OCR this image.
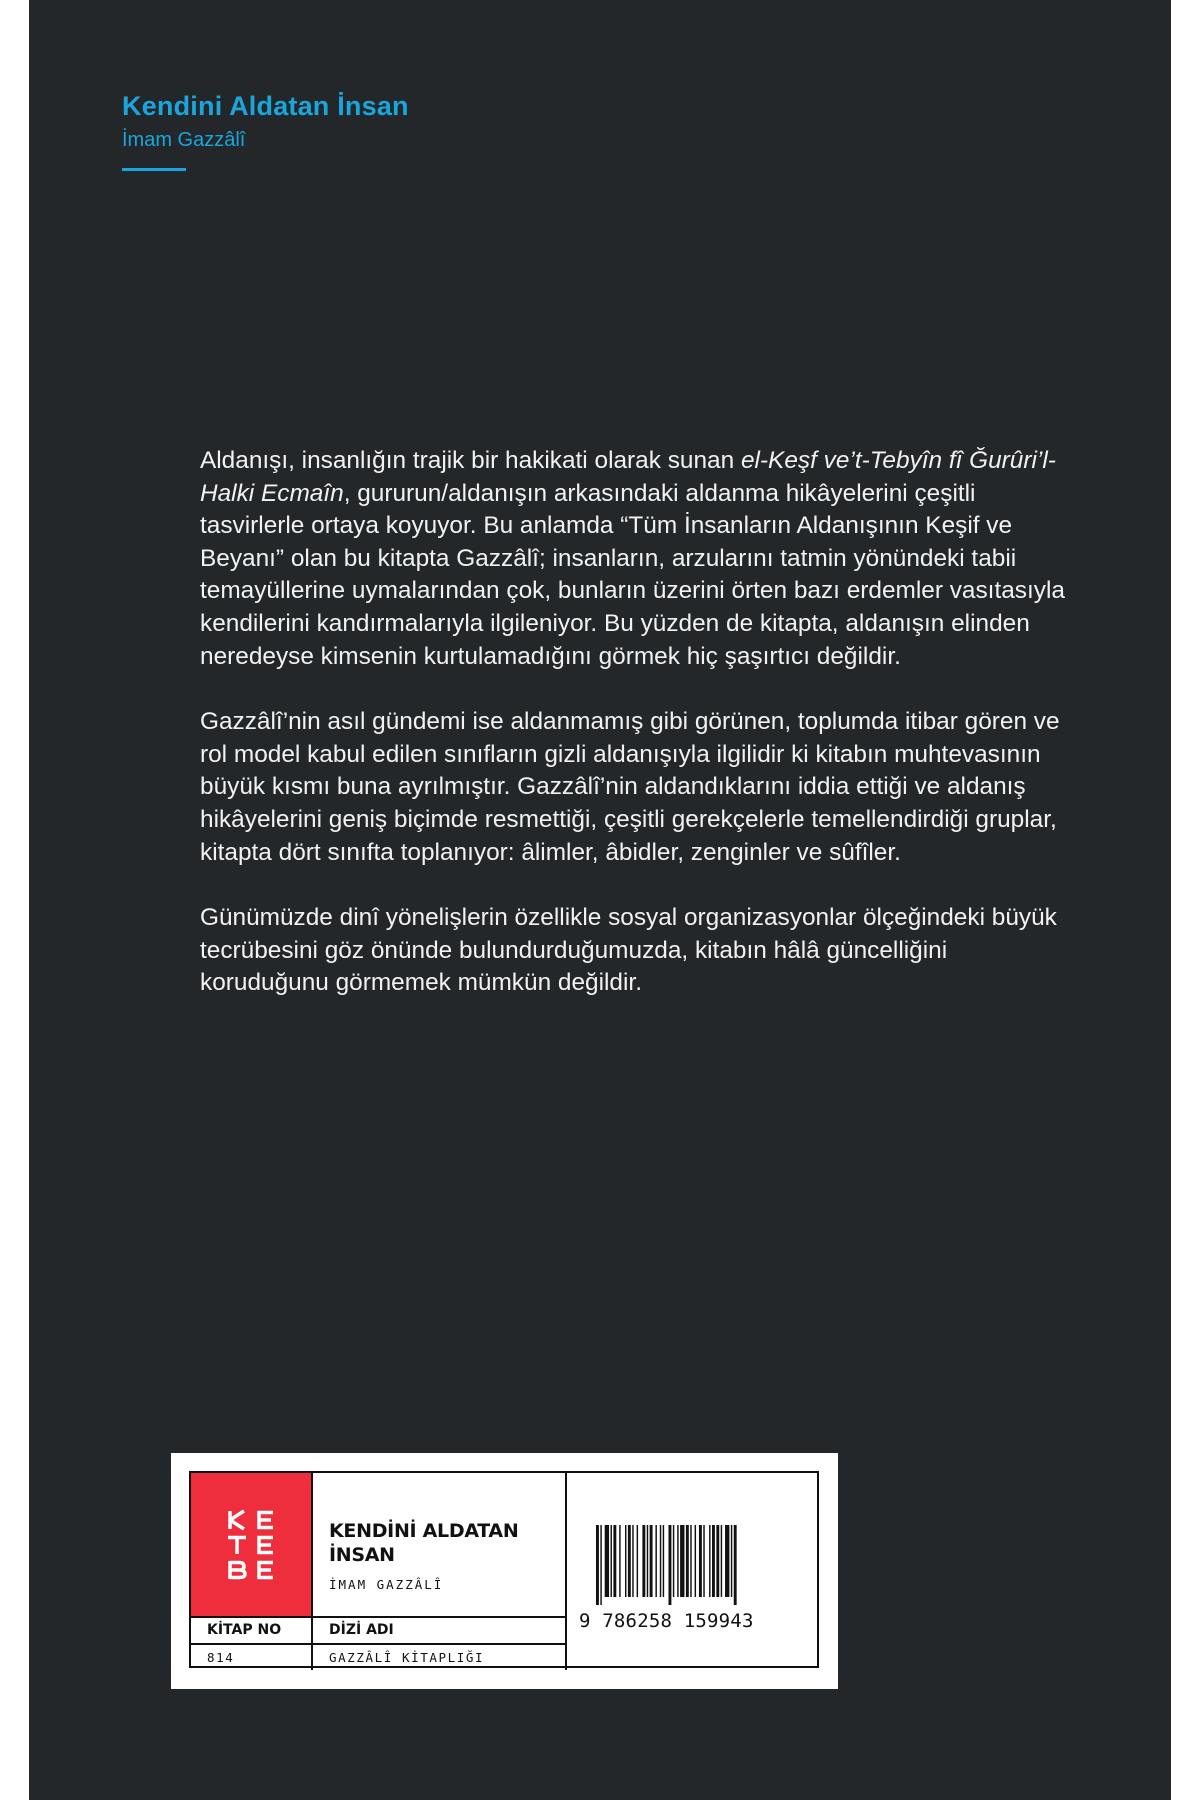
Kendini Aldatan İnsan
İmam Gazzâlî

Aldanışı, insanlığın trajik bir hakikati olarak sunan el-Keşf ve’t-Tebyîn fî Ğurûri’l-Halki Ecmaîn, gururun/aldanışın arkasındaki aldanma hikâyelerini çeşitli tasvirlerle ortaya koyuyor. Bu anlamda “Tüm İnsanların Aldanışının Keşif ve Beyanı” olan bu kitapta Gazzâlî; insanların, arzularını tatmin yönündeki tabii temayüllerine uymalarından çok, bunların üzerini örten bazı erdemler vasıtasıyla kendilerini kandırmalarıyla ilgileniyor. Bu yüzden de kitapta, aldanışın elinden neredeyse kimsenin kurtulamadığını görmek hiç şaşırtıcı değildir.

Gazzâlî’nin asıl gündemi ise aldanmamış gibi görünen, toplumda itibar gören ve rol model kabul edilen sınıfların gizli aldanışıyla ilgilidir ki kitabın muhtevasının büyük kısmı buna ayrılmıştır. Gazzâlî’nin aldandıklarını iddia ettiği ve aldanış hikâyelerini geniş biçimde resmettiği, çeşitli gerekçelerle temellendirdiği gruplar, kitapta dört sınıfta toplanıyor: âlimler, âbidler, zenginler ve sûfîler.

Günümüzde dinî yönelişlerin özellikle sosyal organizasyonlar ölçeğindeki büyük tecrübesini göz önünde bulundurduğumuzda, kitabın hâlâ güncelliğini koruduğunu görmemek mümkün değildir.

KENDİNİ ALDATAN İNSAN
İMAM GAZZÂLÎ
KİTAP NO	DİZİ ADI
814	GAZZÂLÎ KİTAPLIĞI
9 786258 159943
